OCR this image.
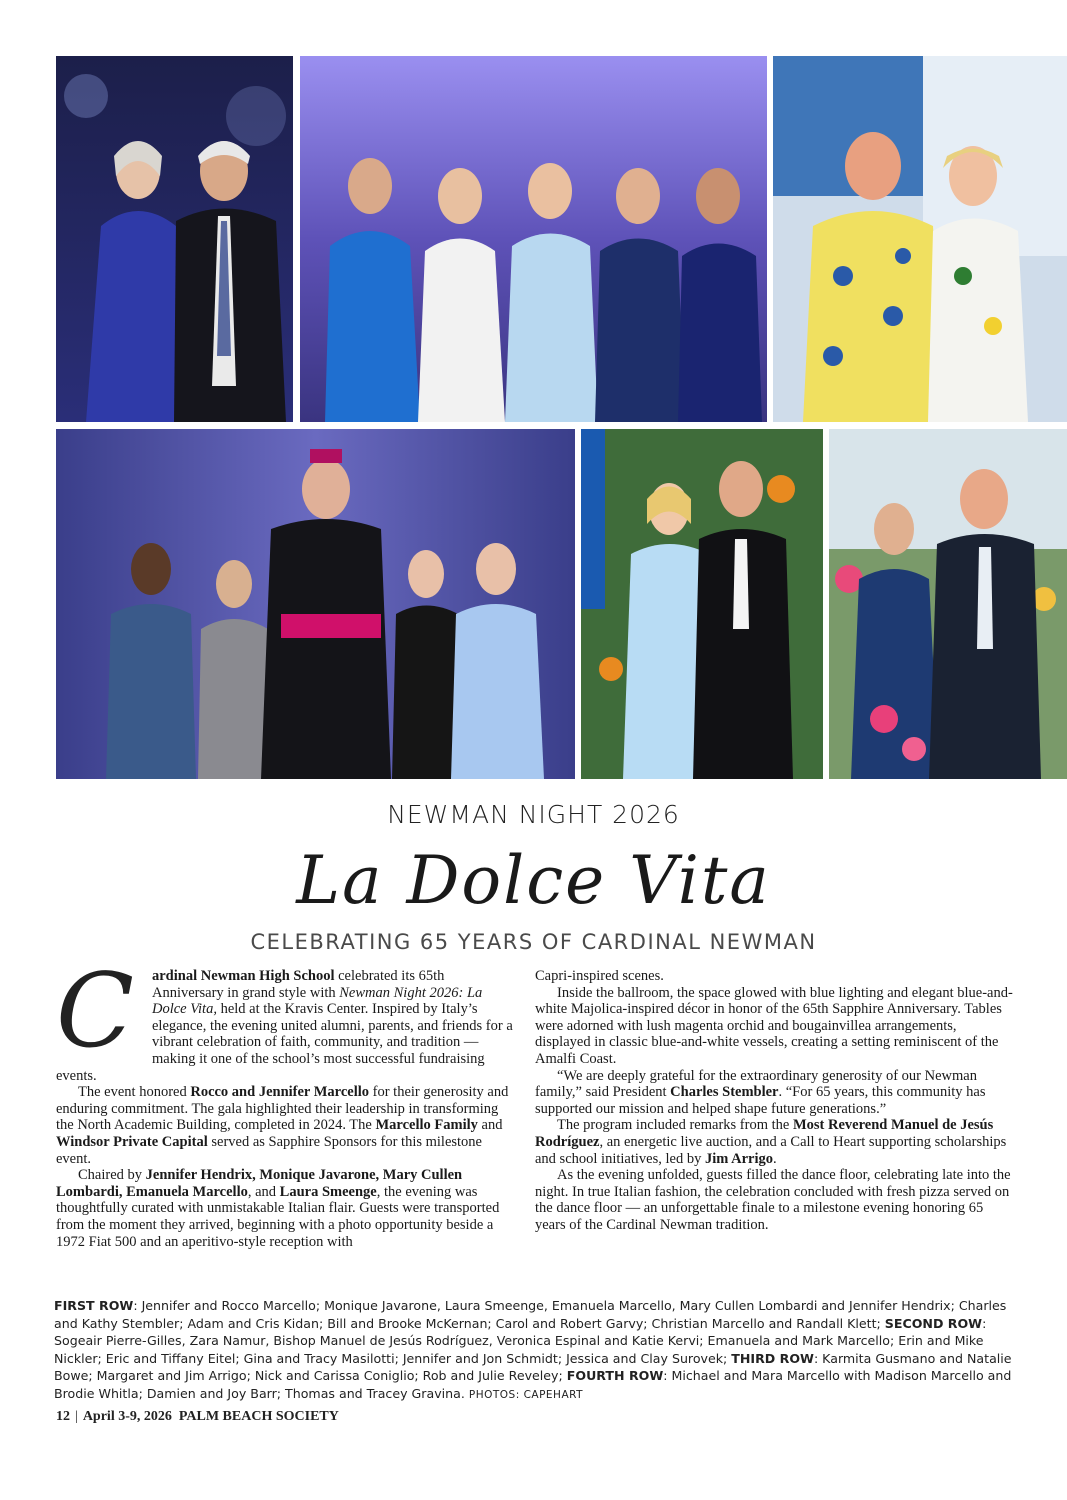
NEWMAN NIGHT 2026
La Dolce Vita
CELEBRATING 65 YEARS OF CARDINAL NEWMAN

C	ardinal Newman High School celebrated its 65th Anniversary in grand style with Newman Night 2026: La Dolce Vita, held at the Kravis Center. Inspired by Italy’s elegance, the evening united alumni, parents, and friends for a vibrant celebration of faith, community, and tradition — making it one of the school’s most successful fundraising events.

The event honored Rocco and Jennifer Marcello for their generosity and enduring commitment. The gala highlighted their leadership in transforming the North Academic Building, completed in 2024. The Marcello Family and Windsor Private Capital served as Sapphire Sponsors for this milestone event.

Chaired by Jennifer Hendrix, Monique Javarone, Mary Cullen Lombardi, Emanuela Marcello, and Laura Smeenge, the evening was thoughtfully curated with unmistakable Italian flair. Guests were transported from the moment they arrived, beginning with a photo opportunity beside a 1972 Fiat 500 and an aperitivo-style reception with

Capri-inspired scenes.

Inside the ballroom, the space glowed with blue lighting and elegant blue-and-white Majolica-inspired décor in honor of the 65th Sapphire Anniversary. Tables were adorned with lush magenta orchid and bougainvillea arrangements, displayed in classic blue-and-white vessels, creating a setting reminiscent of the Amalfi Coast.

“We are deeply grateful for the extraordinary generosity of our Newman family,” said President Charles Stembler. “For 65 years, this community has supported our mission and helped shape future generations.”

The program included remarks from the Most Reverend Manuel de Jesús Rodríguez, an energetic live auction, and a Call to Heart supporting scholarships and school initiatives, led by Jim Arrigo.

As the evening unfolded, guests filled the dance floor, celebrating late into the night. In true Italian fashion, the celebration concluded with fresh pizza served on the dance floor — an unforgettable finale to a milestone evening honoring 65 years of the Cardinal Newman tradition.

FIRST ROW: Jennifer and Rocco Marcello; Monique Javarone, Laura Smeenge, Emanuela Marcello, Mary Cullen Lombardi and Jennifer Hendrix; Charles and Kathy Stembler; Adam and Cris Kidan; Bill and Brooke McKernan; Carol and Robert Garvy; Christian Marcello and Randall Klett; SECOND ROW: Sogeair Pierre-Gilles, Zara Namur, Bishop Manuel de Jesús Rodríguez, Veronica Espinal and Katie Kervi; Emanuela and Mark Marcello; Erin and Mike Nickler; Eric and Tiffany Eitel; Gina and Tracy Masilotti; Jennifer and Jon Schmidt; Jessica and Clay Surovek; THIRD ROW: Karmita Gusmano and Natalie Bowe; Margaret and Jim Arrigo; Nick and Carissa Coniglio; Rob and Julie Reveley; FOURTH ROW: Michael and Mara Marcello with Madison Marcello and Brodie Whitla; Damien and Joy Barr; Thomas and Tracey Gravina. PHOTOS: CAPEHART
12 | April 3-9, 2026 PALM BEACH SOCIETY
